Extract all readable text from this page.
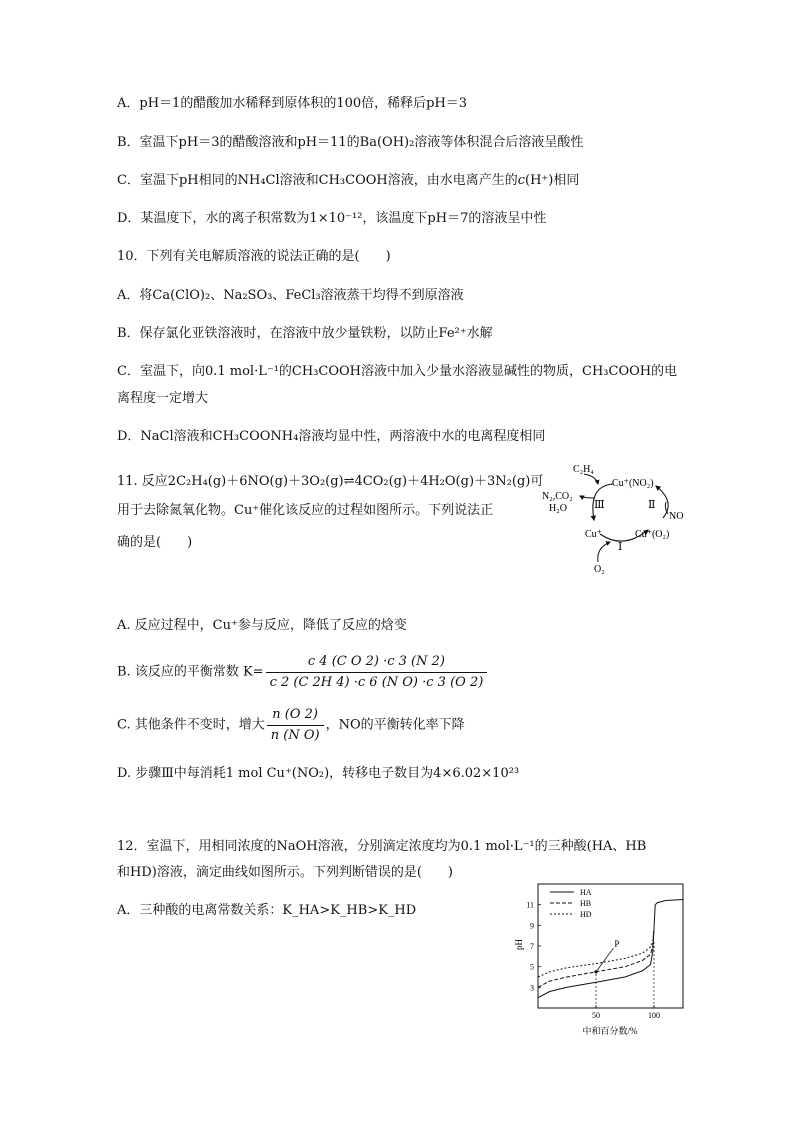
A．pH＝1的醋酸加水稀释到原体积的100倍，稀释后pH＝3
B．室温下pH＝3的醋酸溶液和pH＝11的Ba(OH)₂溶液等体积混合后溶液呈酸性
C．室温下pH相同的NH₄Cl溶液和CH₃COOH溶液，由水电离产生的c(H⁺)相同
D．某温度下，水的离子积常数为1×10⁻¹²，该温度下pH＝7的溶液呈中性
10．下列有关电解质溶液的说法正确的是(　　)
A．将Ca(ClO)₂、Na₂SO₃、FeCl₃溶液蒸干均得不到原溶液
B．保存氯化亚铁溶液时，在溶液中放少量铁粉，以防止Fe²⁺水解
C．室温下，向0.1 mol·L⁻¹的CH₃COOH溶液中加入少量水溶液显碱性的物质，CH₃COOH的电
离程度一定增大
D．NaCl溶液和CH₃COONH₄溶液均显中性，两溶液中水的电离程度相同
11. 反应2C₂H₄(g)＋6NO(g)＋3O₂(g)⇌4CO₂(g)＋4H₂O(g)＋3N₂(g)可
用于去除氮氧化物。Cu⁺催化该反应的过程如图所示。下列说法正
确的是(　　)
C₂H₄
Cu⁺(NO₂)
N₂,CO₂
H₂O Ⅲ	Ⅱ
NO
Cu⁺	Cu⁺(O₂)
Ⅰ
O₂
A. 反应过程中，Cu⁺参与反应，降低了反应的焓变
B. 该反应的平衡常数 $K= \frac{\text{c 4 (C O 2) ·c 3 (N 2)}}{\text{c 2 (C 2H 4) ·c 6 (N O) ·c 3 (O 2)}}$
C. 其他条件不变时，增大 $\frac{n (O 2)}{\text{n (N O)}}$ ，NO的平衡转化率下降
D. 步骤Ⅲ中每消耗1 mol Cu⁺(NO₂)，转移电子数目为4×6.02×10²³
12．室温下，用相同浓度的NaOH溶液，分别滴定浓度均为0.1 mol·L⁻¹的三种酸(HA、HB
和HD)溶液，滴定曲线如图所示。下列判断错误的是(　　)
A．三种酸的电离常数关系：K_HA>K_HB>K_HD
3
5
7
9
11
50	100
HA
HB
HD
P
pH
中和百分数/%
